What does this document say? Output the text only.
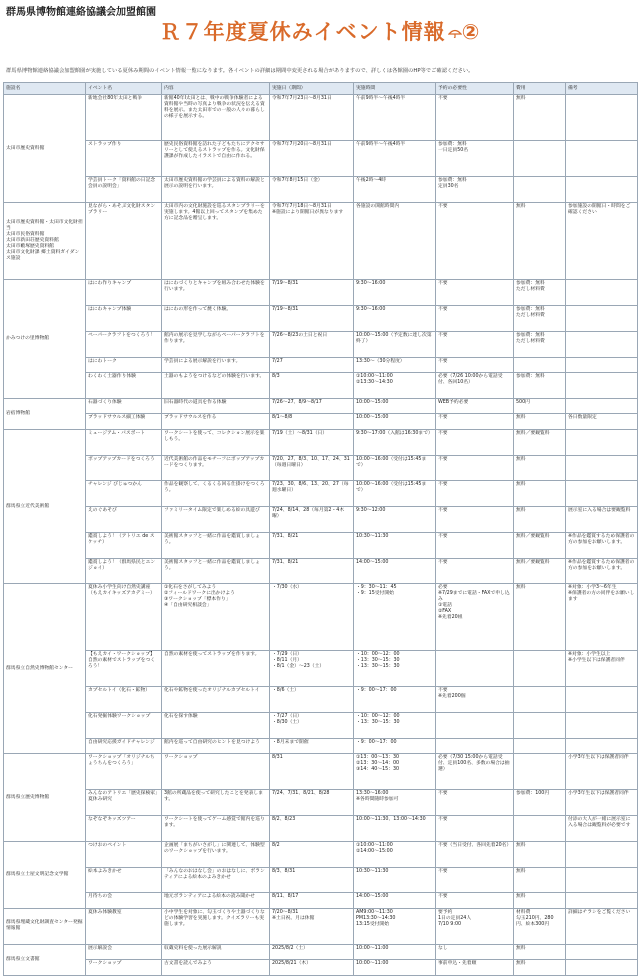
群馬県博物館連絡協議会加盟館園
Ｒ７年度夏休みイベント情報 ②
群馬県博物館連絡協議会加盟館園が実施している夏休み期間のイベント情報一覧になります。各イベントの詳細は期間中変更される場合がありますので、詳しくは各館園のHP等でご確認ください。
施設名	イベント名	内容	実施日（期間）	実施時間	予約の必要性	費用	備考
太田市歴史資料館	新地会社80年太田と戦争	新館40年Ⅰ太田とは、戦中の戦争体験者による資料館や当時の写真より戦争の状況を伝える資料を展示。また太田市での一般の人々の暮らしの様子を展示する。	令和7年7月23日～8月31日	午前9時半～午後4時半	不要	無料	
	ストラップ作り	歴史民俗資料館を訪れた子どもたちにアクセサリーとして使えるストラップを作る。文化財保護課が作成したイラストで自由に作れる。	令和7年7月20日～8月31日	午前9時半～午後4時半	参加費：無料
一日定員50名		
	学芸員トーク「資料館の日記念会員の説明会」	太田市歴史資料館の学芸員による資料の解説と展示の説明を行います。	令和7年8月15日（金）	午後2時～4時	参加費：無料
定員30名		
太田市歴史資料館・太田市文化財担当
太田市民俗資料館
太田市新田荘歴史資料館
太田市藪塚歴史資料館
太田市文化財課 郷土資料ガイダンス施設	見ながら・あそぶ文化財スタンプラリー	太田市内の文化財施設を巡るスタンプラリーを実施します。4館以上回ってスタンプを集めた方に記念品を贈呈します。	令和7年7月18日～8月31日
※施設により開館日が異なります	各施設の開館時間内	不要	無料	参加施設の開館日・時間をご確認ください
かみつけの里博物館	はにわ作りキャンプ	はにわづくりとキャンプを組み合わせた体験を行います。	7/19～8/31	9:30～16:00	不要	参加費：無料
ただし材料費	
	はにわキャンプ体験	はにわの形を作って焼く体験。	7/19～8/31	9:30～16:00	不要	参加費：無料
ただし材料費	
	ペーパークラフトをつくろう！	館内の展示を見学しながらペーパークラフトを作ります。	7/26～8/23の土日と祝日	10:00～15:00（予定数に達し次第終了）	不要	参加費：無料
ただし材料費	
	はにわトーク	学芸員による展示解説を行います。	7/27	13:30～（30分程度）	不要		
	わくわく土器作り体験	土器のもようをつけるなどの体験を行います。	8/3	①10:00～11:00
②13:30～14:30	必要（7/26 10:00から電話受付、各回10名）	参加費：無料	
岩宿博物館	石器づくり体験	旧石器時代の道具を作る体験	7/26～27、8/9～8/17	10:00～15:00	WEB予約必要	500円	
	ブラッドサウルス細工体験	ブラッドサウルスを作る	8/1～8/8	10:00～15:00	不要	無料	各日数量限定
群馬県立近代美術館	ミュージアム・パスポート	ワークシートを使って、コレクション展示を楽しもう。	7/19（土）～8/31（日）	9:30～17:00（入館は16:30まで）	不要	無料／要観覧料	
	ポップアップカードをつくろう	近代美術館の作品をモチーフにポップアップカードをつくります。	7/20、27、8/3、10、17、24、31（毎週日曜日）	10:00～16:00（受付は15:45まで）	不要	無料	
	チャレンジ びじゅつかん	作品を観察して、くるくる回る仕掛けをつくろう。	7/23、30、8/6、13、20、27（毎週水曜日）	10:00～16:00（受付は15:45まで）	不要	無料	
	えのぐあそび	ファミリータイム限定で楽しめる絵の具遊び	7/24、8/14、28（毎月第2・4木曜）	9:30～12:00	不要	無料	展示室に入る場合は要観覧料
	鑑賞しよう！（アトリエ de スケッチ）	美術館スタッフと一緒に作品を鑑賞しましょう。	7/31、8/21	10:30～11:30	不要	無料／要観覧料	※作品を鑑賞するため保護者の方の参加をお願いします。
	鑑賞しよう！（群馬県民とエンジョイ）	美術館スタッフと一緒に作品を鑑賞しましょう。	7/31、8/21	14:00～15:00	不要	無料／要観覧料	※作品を鑑賞するため保護者の方の参加をお願いします。
群馬県立自然史博物館センター	夏休み小学生向け自然史講座（もえカイキッズアカデミー）	①化石をさがしてみよう
②フィールドワークに出かけよう
③ワークショップ「標本作り」
④「自由研究相談会」	・7/30（水）	・9：30～11：45
・9：15受付開始	必要
※7/29までに電話・FAXで申し込み
①電話
②FAX
※先着20組	無料	※対象：小学3～6年生
※保護者の方の同伴をお願いします
	【もえカイ・ワークショップ】自然の素材でストラップをつくろう！	自然の素材を使ってストラップを作ります。	・7/29（日）
・8/11（月）
・8/1（金）～23（土）	・10：00～12：00
・13：30～15：30
・13：30～15：30			※対象：小学生以上
※小学生以下は保護者同伴
	カプセルトイ（化石・鉱物）	化石や鉱物を使ったオリジナルカプセルトイ	・8/6（土）	・9：00～17：00	不要
※先着200個		
	化石発掘体験ワークショップ	化石を探す体験	・7/27（日）
・8/30（土）	・10：00～12：00
・13：30～15：30			
	自由研究応援ガイドチャレンジ	館内を巡って自由研究のヒントを見つけよう	・8月末まで開催	・9：00～17：00			
群馬県立歴史博物館	ワークショップ「オリジナルちょうちんをつくろう」	ワークショップ	8/31	①13：00～13：30
②13：30～14：00
③14：40～15：30	必要（7/30 15:00から電話受付、定員100名、多数の場合は抽選）		小学3年生以下は保護者同伴
	みんなのアトリエ「歴史探検家」夏休み研究	3館の所蔵品を使って研究したことを発表します。	7/24、7/31、8/21、8/28	13:30～16:00
※各時間随時参加可	不要	参加費：100円	小学3年生以下は保護者同伴
	なぞなぞキッズツアー	ワークシートを使ってゲーム感覚で館内を巡ります。	8/2、8/23	10:00～11:30、13:00～14:30	不要		付添の大人が一緒に展示室に入る場合は観覧料が必要です
群馬県立土屋文明記念文学館	つけおのペイント	企画展「まちがいさがし」に関連して、体験型のワークショップを行います。	8/2	①10:00～11:00
②14:00～15:00	不要（当日受付、各回先着20名）	無料	
	絵本よみきかせ	「みんなのおはなし会」のおはなしに、ボランティアによる絵本のよみきかせ	8/3、8/31	10:30～11:30	不要	無料	
	月待ちの会	地元ボランティアによる絵本の読み聞かせ	8/11、8/17	14:00～15:00	不要	無料	
群馬県埋蔵文化財調査センター発掘情報館	夏休み体験教室	小中学生を対象に、勾玉づくりや土器づくりなどの体験学習を実施します。クイズラリーも実施します。	7/20～8/31
※土日祝、月は休館	AM9:00～11:30
PM13:30～14:30
13:15受付開始	要予約
1日の定員24人
7/10 9:00	材料費
勾玉210円、280円、絵本300円	詳細はチラシをご覧ください
群馬県立文書館	展示解説会	収蔵史料を使った展示解説	2025/8/2（土）	10:00～11:00	なし	無料	
	ワークショップ	古文書を読んでみよう	2025/8/21（木）	10:00～11:00	事前申込・先着順	無料	
